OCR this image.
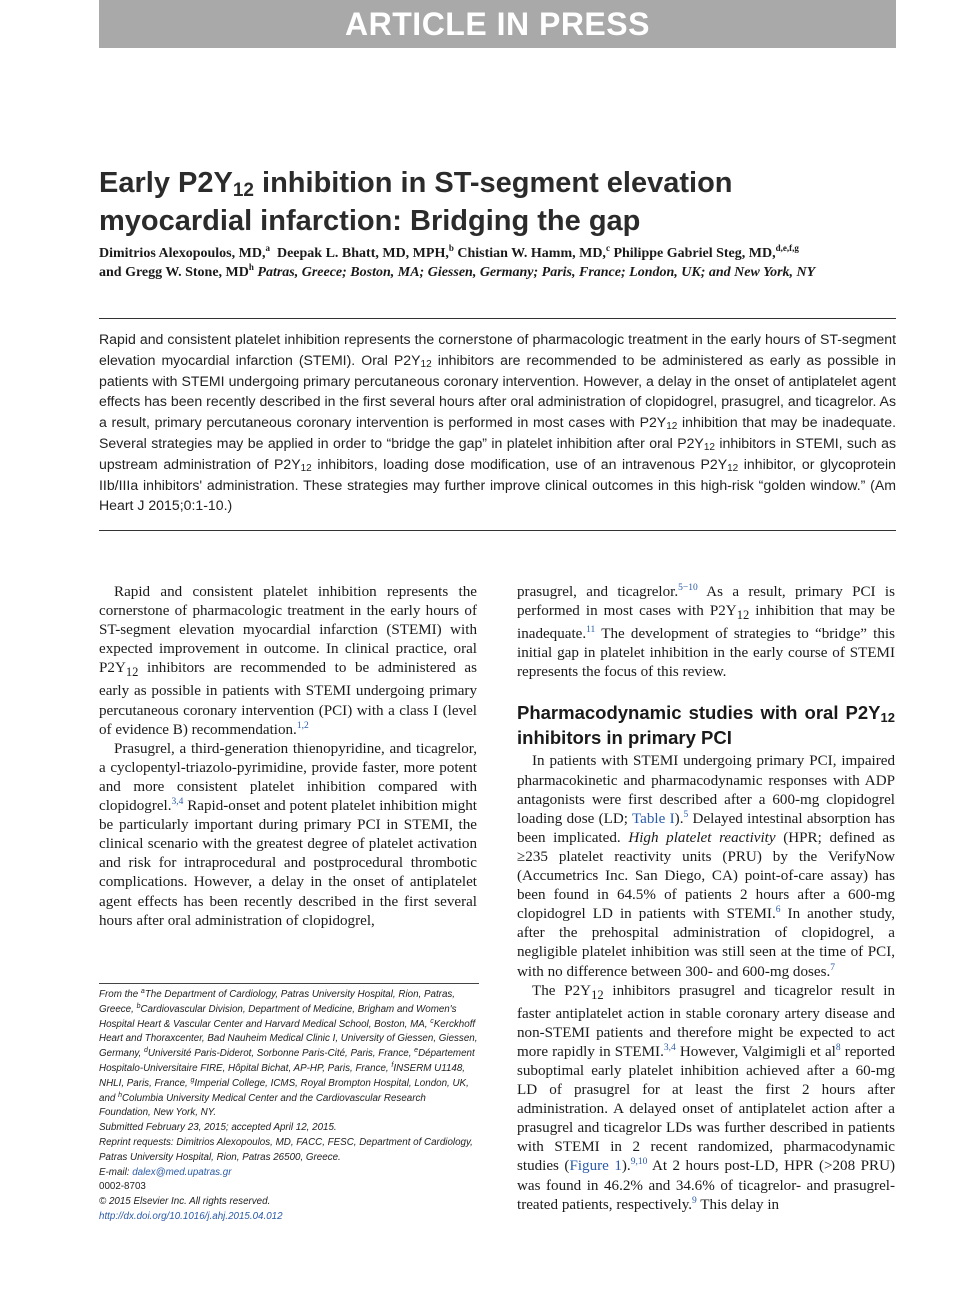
ARTICLE IN PRESS
Early $P2Y_{12}$ inhibition in ST-segment elevation
myocardial infarction: Bridging the gap
Dimitrios Alexopoulos, MD,$^a$ Deepak L. Bhatt, MD, MPH,$^b$ Chistian W. Hamm, MD,$^c$ Philippe Gabriel Steg, MD,$^{d,e,f,g}$
and Gregg W. Stone, $MD^h$ Patras, Greece; Boston, MA; Giessen, Germany; Paris, France; London, UK; and New York, NY
Rapid and consistent platelet inhibition represents the cornerstone of pharmacologic treatment in the early hours of ST-segment elevation myocardial infarction (STEMI). Oral $P2Y_{12}$ inhibitors are recommended to be administered as early as possible in patients with STEMI undergoing primary percutaneous coronary intervention. However, a delay in the onset of antiplatelet agent effects has been recently described in the first several hours after oral administration of clopidogrel, prasugrel, and ticagrelor. As a result, primary percutaneous coronary intervention is performed in most cases with $P2Y_{12}$ inhibition that may be inadequate. Several strategies may be applied in order to “bridge the gap” in platelet inhibition after oral $P2Y_{12}$ inhibitors in STEMI, such as upstream administration of $P2Y_{12}$ inhibitors, loading dose modification, use of an intravenous $P2Y_{12}$ inhibitor, or glycoprotein IIb/IIIa inhibitors' administration. These strategies may further improve clinical outcomes in this high-risk “golden window.” (Am Heart J 2015;0:1-10.)

Rapid and consistent platelet inhibition represents the cornerstone of pharmacologic treatment in the early hours of ST-segment elevation myocardial infarction (STEMI) with expected improvement in outcome. In clinical practice, oral $P2Y_{12}$ inhibitors are recommended to be administered as early as possible in patients with STEMI undergoing primary percutaneous coronary intervention (PCI) with a class I (level of evidence B) recommendation.$^{1,2}$

Prasugrel, a third-generation thienopyridine, and ticagrelor, a cyclopentyl-triazolo-pyrimidine, provide faster, more potent and more consistent platelet inhibition compared with clopidogrel.$^{3,4}$ Rapid-onset and potent platelet inhibition might be particularly important during primary PCI in STEMI, the clinical scenario with the greatest degree of platelet activation and risk for intraprocedural and postprocedural thrombotic complications. However, a delay in the onset of antiplatelet agent effects has been recently described in the first several hours after oral administration of clopidogrel,

From the $^a$The Department of Cardiology, Patras University Hospital, Rion, Patras, Greece, $^b$Cardiovascular Division, Department of Medicine, Brigham and Women's Hospital Heart & Vascular Center and Harvard Medical School, Boston, MA, $^c$Kerckhoff Heart and Thoraxcenter, Bad Nauheim Medical Clinic I, University of Giessen, Giessen, Germany, $^d$Université Paris-Diderot, Sorbonne Paris-Cité, Paris, France, $^e$Département Hospitalo-Universitaire FIRE, Hôpital Bichat, AP-HP, Paris, France, $^f$INSERM U1148, NHLI, Paris, France, $^g$Imperial College, ICMS, Royal Brompton Hospital, London, UK, and $^h$Columbia University Medical Center and the Cardiovascular Research Foundation, New York, NY.
Submitted February 23, 2015; accepted April 12, 2015.
Reprint requests: Dimitrios Alexopoulos, MD, FACC, FESC, Department of Cardiology, Patras University Hospital, Rion, Patras 26500, Greece.
E-mail: dalex@med.upatras.gr
0002-8703
© 2015 Elsevier Inc. All rights reserved.
http://dx.doi.org/10.1016/j.ahj.2015.04.012

prasugrel, and ticagrelor.$^{5-10}$ As a result, primary PCI is performed in most cases with $P2Y_{12}$ inhibition that may be inadequate.$^{11}$ The development of strategies to “bridge” this initial gap in platelet inhibition in the early course of STEMI represents the focus of this review.

Pharmacodynamic studies with oral $P2Y_{12}$ inhibitors in primary PCI

In patients with STEMI undergoing primary PCI, impaired pharmacokinetic and pharmacodynamic responses with ADP antagonists were first described after a 600-mg clopidogrel loading dose (LD; Table I).$^5$ Delayed intestinal absorption has been implicated. High platelet reactivity (HPR; defined as ≥235 platelet reactivity units (PRU) by the VerifyNow (Accumetrics Inc. San Diego, CA) point-of-care assay) has been found in 64.5% of patients 2 hours after a 600-mg clopidogrel LD in patients with STEMI.$^6$ In another study, after the prehospital administration of clopidogrel, a negligible platelet inhibition was still seen at the time of PCI, with no difference between 300- and 600-mg doses.$^7$

The $P2Y_{12}$ inhibitors prasugrel and ticagrelor result in faster antiplatelet action in stable coronary artery disease and non-STEMI patients and therefore might be expected to act more rapidly in STEMI.$^{3,4}$ However, Valgimigli et al$^8$ reported suboptimal early platelet inhibition achieved after a 60-mg LD of prasugrel for at least the first 2 hours after administration. A delayed onset of antiplatelet action after a prasugrel and ticagrelor LDs was further described in patients with STEMI in 2 recent randomized, pharmacodynamic studies (Figure 1).$^{9,10}$ At 2 hours post-LD, HPR (>208 PRU) was found in 46.2% and 34.6% of ticagrelor- and prasugrel-treated patients, respectively.$^9$ This delay in
